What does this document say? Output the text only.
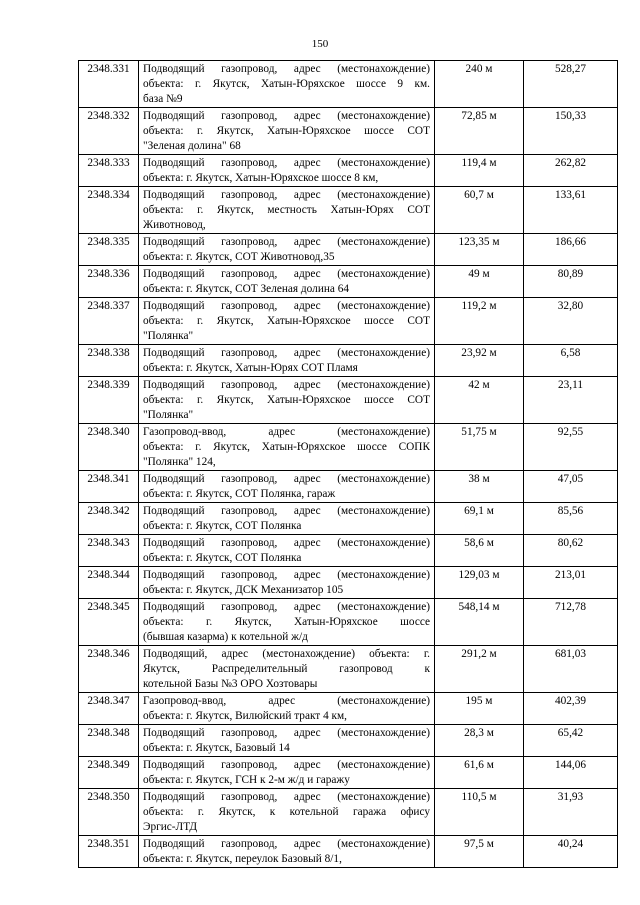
150
2348.331	Подводящий газопровод, адрес (местонахождение)
объекта: г. Якутск, Хатын-Юряхское шоссе 9 км.
база №9	240 м	528,27
2348.332	Подводящий газопровод, адрес (местонахождение)
объекта: г. Якутск, Хатын-Юряхское шоссе СОТ
"Зеленая долина" 68	72,85 м	150,33
2348.333	Подводящий газопровод, адрес (местонахождение)
объекта: г. Якутск, Хатын-Юряхское шоссе 8 км,	119,4 м	262,82
2348.334	Подводящий газопровод, адрес (местонахождение)
объекта: г. Якутск, местность Хатын-Юрях СОТ
Животновод,	60,7 м	133,61
2348.335	Подводящий газопровод, адрес (местонахождение)
объекта: г. Якутск, СОТ Животновод,35	123,35 м	186,66
2348.336	Подводящий газопровод, адрес (местонахождение)
объекта: г. Якутск, СОТ Зеленая долина 64	49 м	80,89
2348.337	Подводящий газопровод, адрес (местонахождение)
объекта: г. Якутск, Хатын-Юряхское шоссе СОТ
"Полянка"	119,2 м	32,80
2348.338	Подводящий газопровод, адрес (местонахождение)
объекта: г. Якутск, Хатын-Юрях СОТ Пламя	23,92 м	6,58
2348.339	Подводящий газопровод, адрес (местонахождение)
объекта: г. Якутск, Хатын-Юряхское шоссе СОТ
"Полянка"	42 м	23,11
2348.340	Газопровод-ввод, адрес (местонахождение)
объекта: г. Якутск, Хатын-Юряхское шоссе СОПК
"Полянка" 124,	51,75 м	92,55
2348.341	Подводящий газопровод, адрес (местонахождение)
объекта: г. Якутск, СОТ Полянка, гараж	38 м	47,05
2348.342	Подводящий газопровод, адрес (местонахождение)
объекта: г. Якутск, СОТ Полянка	69,1 м	85,56
2348.343	Подводящий газопровод, адрес (местонахождение)
объекта: г. Якутск, СОТ Полянка	58,6 м	80,62
2348.344	Подводящий газопровод, адрес (местонахождение)
объекта: г. Якутск, ДСК Механизатор 105	129,03 м	213,01
2348.345	Подводящий газопровод, адрес (местонахождение)
объекта: г. Якутск, Хатын-Юряхское шоссе
(бывшая казарма) к котельной ж/д	548,14 м	712,78
2348.346	Подводящий, адрес (местонахождение) объекта: г.
Якутск, Распределительный газопровод к
котельной Базы №3 ОРО Хозтовары	291,2 м	681,03
2348.347	Газопровод-ввод, адрес (местонахождение)
объекта: г. Якутск, Вилюйский тракт 4 км,	195 м	402,39
2348.348	Подводящий газопровод, адрес (местонахождение)
объекта: г. Якутск, Базовый 14	28,3 м	65,42
2348.349	Подводящий газопровод, адрес (местонахождение)
объекта: г. Якутск, ГСН к 2-м ж/д и гаражу	61,6 м	144,06
2348.350	Подводящий газопровод, адрес (местонахождение)
объекта: г. Якутск, к котельной гаража офису
Эргис-ЛТД	110,5 м	31,93
2348.351	Подводящий газопровод, адрес (местонахождение)
объекта: г. Якутск, переулок Базовый 8/1,	97,5 м	40,24
